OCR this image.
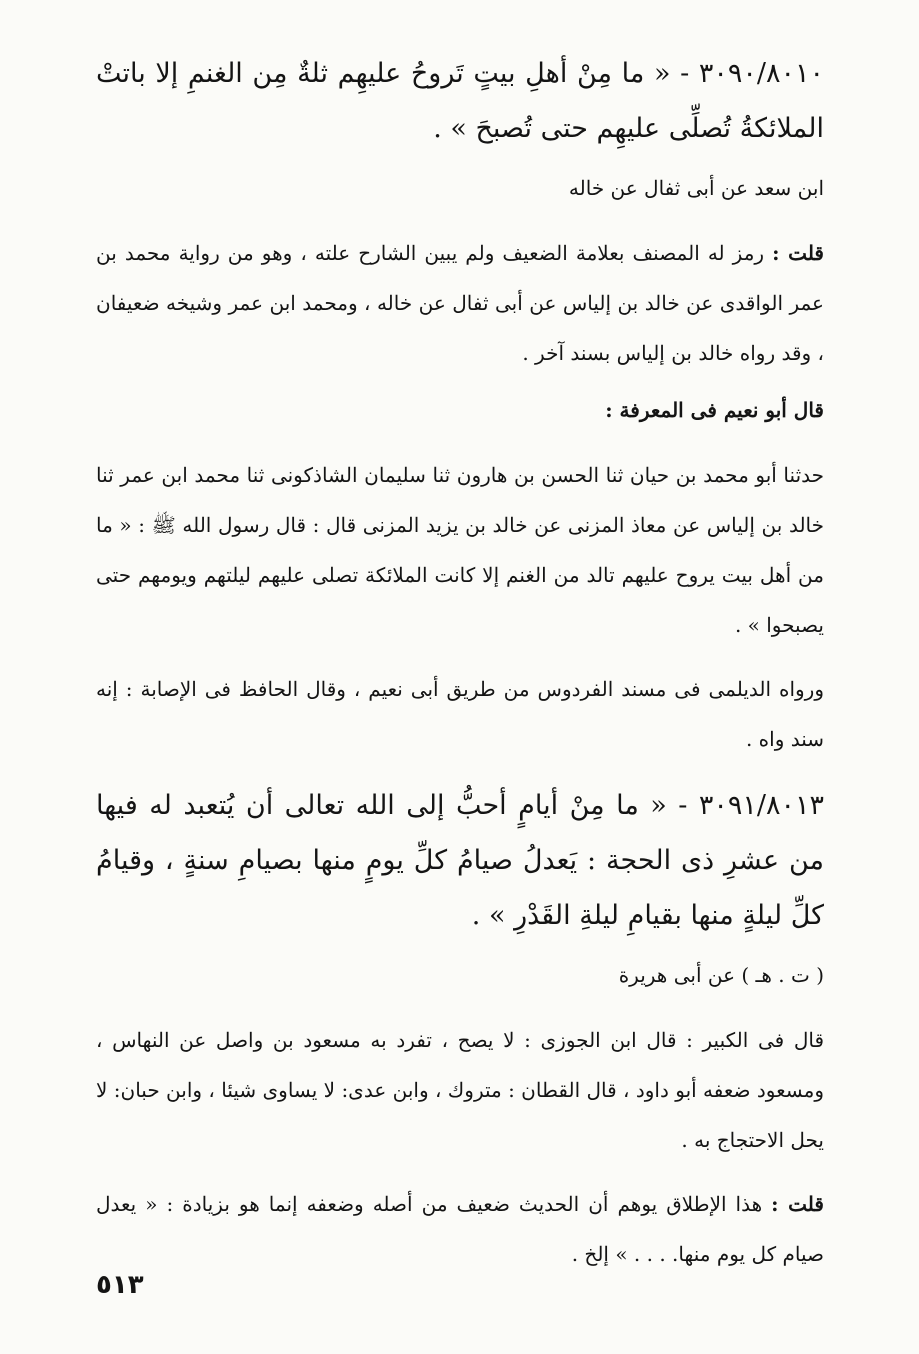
٣٠٩٠/٨٠١٠ - « ما مِنْ أهلِ بيتٍ تَروحُ عليهِم ثلةٌ مِن الغنمِ إلا باتتْ الملائكةُ تُصلِّى عليهِم حتى تُصبحَ » .

ابن سعد عن أبى ثفال عن خاله

قلت : رمز له المصنف بعلامة الضعيف ولم يبين الشارح علته ، وهو من رواية محمد بن عمر الواقدى عن خالد بن إلياس عن أبى ثفال عن خاله ، ومحمد ابن عمر وشيخه ضعيفان ، وقد رواه خالد بن إلياس بسند آخر .

قال أبو نعيم فى المعرفة :

حدثنا أبو محمد بن حيان ثنا الحسن بن هارون ثنا سليمان الشاذكونى ثنا محمد ابن عمر ثنا خالد بن إلياس عن معاذ المزنى عن خالد بن يزيد المزنى قال : قال رسول الله ﷺ : « ما من أهل بيت يروح عليهم تالد من الغنم إلا كانت الملائكة تصلى عليهم ليلتهم ويومهم حتى يصبحوا » .

ورواه الديلمى فى مسند الفردوس من طريق أبى نعيم ، وقال الحافظ فى الإصابة : إنه سند واه .

٣٠٩١/٨٠١٣ - « ما مِنْ أيامٍ أحبُّ إلى الله تعالى أن يُتعبد له فيها من عشرِ ذى الحجة : يَعدلُ صيامُ كلِّ يومٍ منها بصيامِ سنةٍ ، وقيامُ كلِّ ليلةٍ منها بقيامِ ليلةِ القَدْرِ » .

( ت . هـ ) عن أبى هريرة

قال فى الكبير : قال ابن الجوزى : لا يصح ، تفرد به مسعود بن واصل عن النهاس ، ومسعود ضعفه أبو داود ، قال القطان : متروك ، وابن عدى: لا يساوى شيئا ، وابن حبان: لا يحل الاحتجاج به .

قلت : هذا الإطلاق يوهم أن الحديث ضعيف من أصله وضعفه إنما هو بزيادة : « يعدل صيام كل يوم منها. . . . » إلخ .

٥١٣
